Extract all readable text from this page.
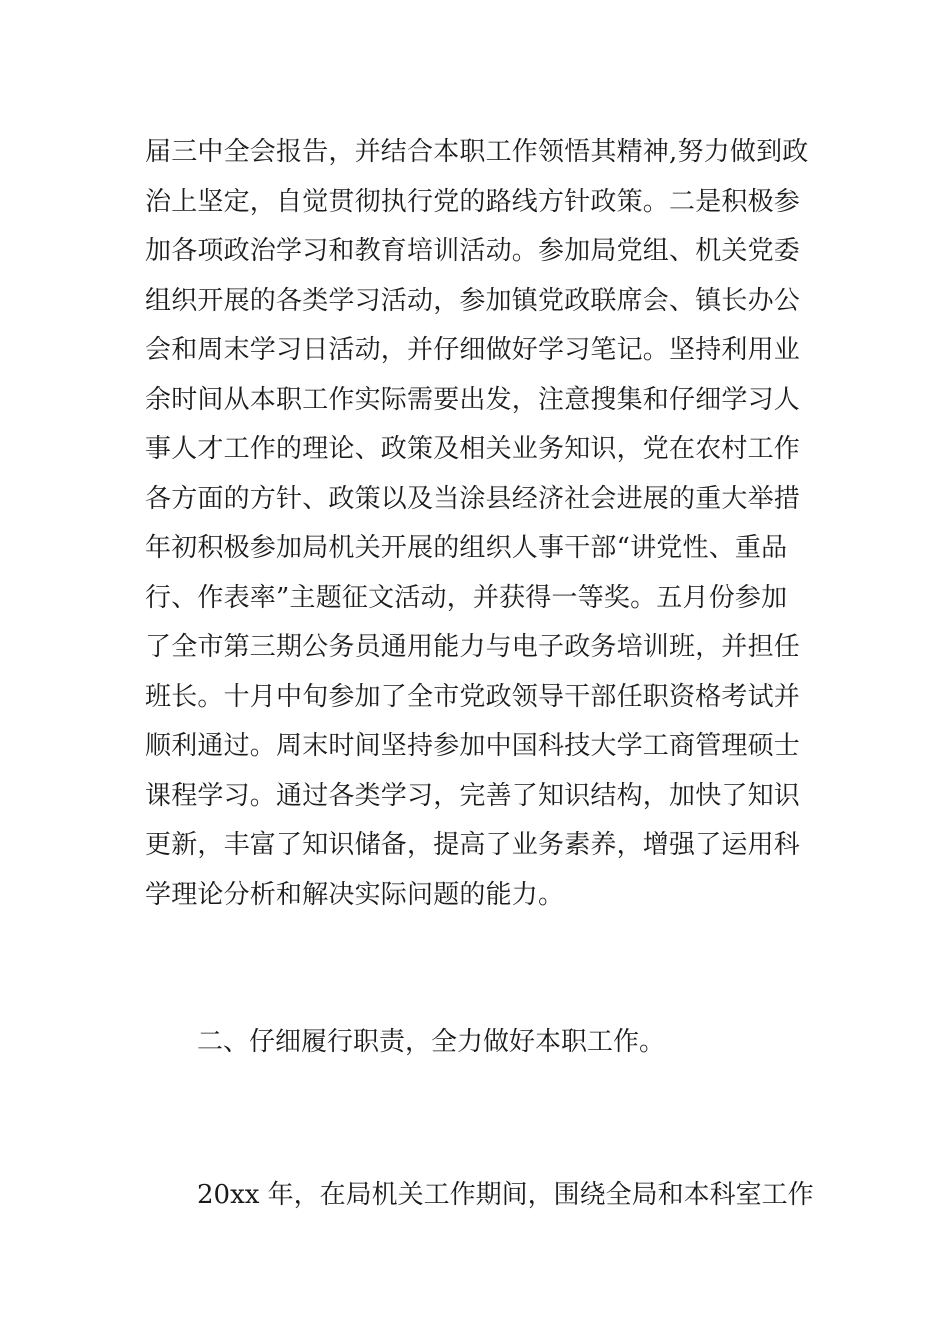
届三中全会报告，并结合本职工作领悟其精神,努力做到政
治上坚定，自觉贯彻执行党的路线方针政策。二是积极参
加各项政治学习和教育培训活动。参加局党组、机关党委
组织开展的各类学习活动，参加镇党政联席会、镇长办公
会和周末学习日活动，并仔细做好学习笔记。坚持利用业
余时间从本职工作实际需要出发，注意搜集和仔细学习人
事人才工作的理论、政策及相关业务知识，党在农村工作
各方面的方针、政策以及当涂县经济社会进展的重大举措
年初积极参加局机关开展的组织人事干部“讲党性、重品
行、作表率”主题征文活动，并获得一等奖。五月份参加
了全市第三期公务员通用能力与电子政务培训班，并担任
班长。十月中旬参加了全市党政领导干部任职资格考试并
顺利通过。周末时间坚持参加中国科技大学工商管理硕士
课程学习。通过各类学习，完善了知识结构，加快了知识
更新，丰富了知识储备，提高了业务素养，增强了运用科
学理论分析和解决实际问题的能力。
二、仔细履行职责，全力做好本职工作。
20xx 年，在局机关工作期间，围绕全局和本科室工作
